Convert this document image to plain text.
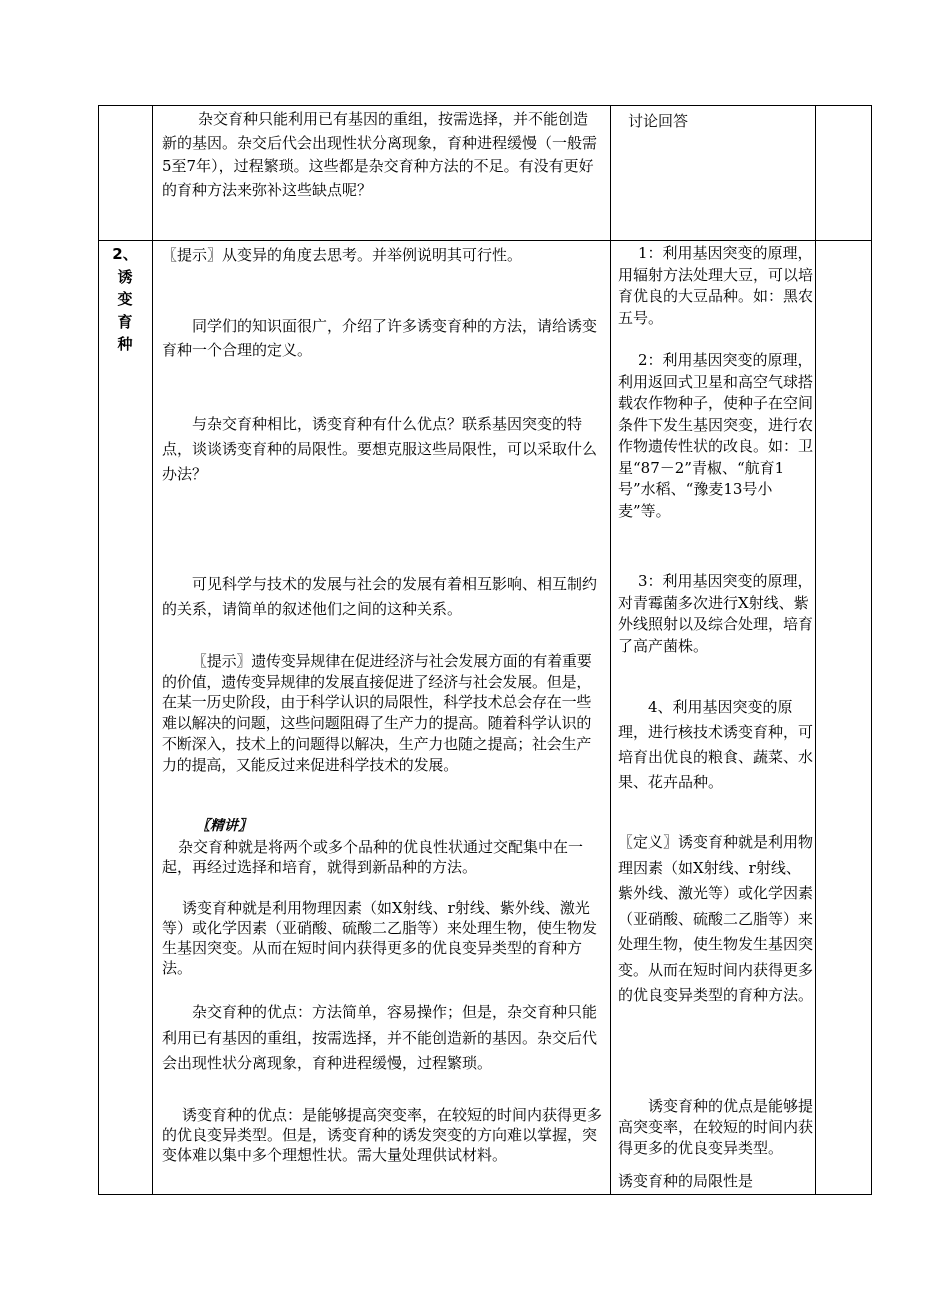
杂交育种只能利用已有基因的重组，按需选择，并不能创造新的基因。杂交后代会出现性状分离现象，育种进程缓慢（一般需5至7年），过程繁琐。这些都是杂交育种方法的不足。有没有更好的育种方法来弥补这些缺点呢？

讨论回答
2、
诱
变
育
种

〖提示〗从变异的角度去思考。并举例说明其可行性。

同学们的知识面很广，介绍了许多诱变育种的方法，请给诱变育种一个合理的定义。

与杂交育种相比，诱变育种有什么优点？联系基因突变的特点，谈谈诱变育种的局限性。要想克服这些局限性，可以采取什么办法？

可见科学与技术的发展与社会的发展有着相互影响、相互制约的关系，请简单的叙述他们之间的这种关系。

〖提示〗遗传变异规律在促进经济与社会发展方面的有着重要的价值，遗传变异规律的发展直接促进了经济与社会发展。但是，在某一历史阶段，由于科学认识的局限性，科学技术总会存在一些难以解决的问题，这些问题阻碍了生产力的提高。随着科学认识的不断深入，技术上的问题得以解决，生产力也随之提高；社会生产力的提高，又能反过来促进科学技术的发展。

〖精讲〗

杂交育种就是将两个或多个品种的优良性状通过交配集中在一起，再经过选择和培育，就得到新品种的方法。

诱变育种就是利用物理因素（如X射线、r射线、紫外线、激光等）或化学因素（亚硝酸、硫酸二乙脂等）来处理生物，使生物发生基因突变。从而在短时间内获得更多的优良变异类型的育种方法。

杂交育种的优点：方法简单，容易操作；但是，杂交育种只能利用已有基因的重组，按需选择，并不能创造新的基因。杂交后代会出现性状分离现象，育种进程缓慢，过程繁琐。

诱变育种的优点：是能够提高突变率，在较短的时间内获得更多的优良变异类型。但是，诱变育种的诱发突变的方向难以掌握，突变体难以集中多个理想性状。需大量处理供试材料。

1：利用基因突变的原理，用辐射方法处理大豆，可以培育优良的大豆品种。如：黑农五号。

2：利用基因突变的原理，利用返回式卫星和高空气球搭载农作物种子，使种子在空间条件下发生基因突变，进行农作物遗传性状的改良。如：卫星“87－2”青椒、“航育1号”水稻、“豫麦13号小麦”等。

3：利用基因突变的原理，对青霉菌多次进行X射线、紫外线照射以及综合处理，培育了高产菌株。

4、利用基因突变的原理，进行核技术诱变育种，可培育出优良的粮食、蔬菜、水果、花卉品种。

〖定义〗诱变育种就是利用物理因素（如X射线、r射线、紫外线、激光等）或化学因素（亚硝酸、硫酸二乙脂等）来处理生物，使生物发生基因突变。从而在短时间内获得更多的优良变异类型的育种方法。

诱变育种的优点是能够提高突变率，在较短的时间内获得更多的优良变异类型。

诱变育种的局限性是
